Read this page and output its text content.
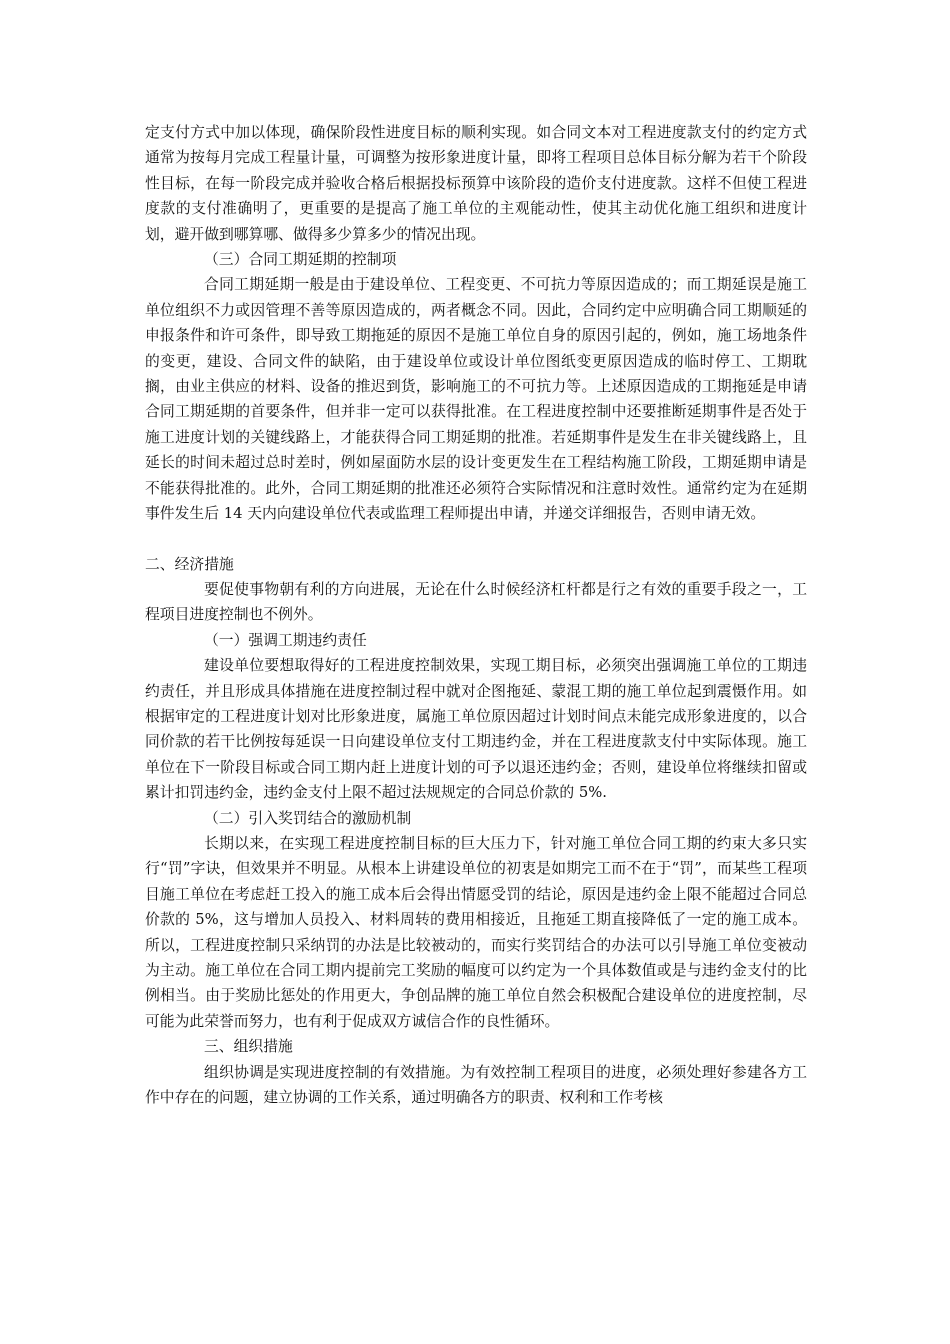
定支付方式中加以体现，确保阶段性进度目标的顺利实现。如合同文本对工程进度款支付的约定方式通常为按每月完成工程量计量，可调整为按形象进度计量，即将工程项目总体目标分解为若干个阶段性目标，在每一阶段完成并验收合格后根据投标预算中该阶段的造价支付进度款。这样不但使工程进度款的支付准确明了，更重要的是提高了施工单位的主观能动性，使其主动优化施工组织和进度计划，避开做到哪算哪、做得多少算多少的情况出现。

（三）合同工期延期的控制项

合同工期延期一般是由于建设单位、工程变更、不可抗力等原因造成的；而工期延误是施工单位组织不力或因管理不善等原因造成的，两者概念不同。因此，合同约定中应明确合同工期顺延的申报条件和许可条件，即导致工期拖延的原因不是施工单位自身的原因引起的，例如，施工场地条件的变更，建设、合同文件的缺陷，由于建设单位或设计单位图纸变更原因造成的临时停工、工期耽搁，由业主供应的材料、设备的推迟到货，影响施工的不可抗力等。上述原因造成的工期拖延是申请合同工期延期的首要条件，但并非一定可以获得批准。在工程进度控制中还要推断延期事件是否处于施工进度计划的关键线路上，才能获得合同工期延期的批准。若延期事件是发生在非关键线路上，且延长的时间未超过总时差时，例如屋面防水层的设计变更发生在工程结构施工阶段，工期延期申请是不能获得批准的。此外，合同工期延期的批准还必须符合实际情况和注意时效性。通常约定为在延期事件发生后 14 天内向建设单位代表或监理工程师提出申请，并递交详细报告，否则申请无效。

二、经济措施

要促使事物朝有利的方向进展，无论在什么时候经济杠杆都是行之有效的重要手段之一，工程项目进度控制也不例外。

（一）强调工期违约责任

建设单位要想取得好的工程进度控制效果，实现工期目标，必须突出强调施工单位的工期违约责任，并且形成具体措施在进度控制过程中就对企图拖延、蒙混工期的施工单位起到震慑作用。如根据审定的工程进度计划对比形象进度，属施工单位原因超过计划时间点未能完成形象进度的，以合同价款的若干比例按每延误一日向建设单位支付工期违约金，并在工程进度款支付中实际体现。施工单位在下一阶段目标或合同工期内赶上进度计划的可予以退还违约金；否则，建设单位将继续扣留或累计扣罚违约金，违约金支付上限不超过法规规定的合同总价款的 5%.

（二）引入奖罚结合的激励机制

长期以来，在实现工程进度控制目标的巨大压力下，针对施工单位合同工期的约束大多只实行“罚”字诀，但效果并不明显。从根本上讲建设单位的初衷是如期完工而不在于“罚”，而某些工程项目施工单位在考虑赶工投入的施工成本后会得出情愿受罚的结论，原因是违约金上限不能超过合同总价款的 5%，这与增加人员投入、材料周转的费用相接近，且拖延工期直接降低了一定的施工成本。所以，工程进度控制只采纳罚的办法是比较被动的，而实行奖罚结合的办法可以引导施工单位变被动为主动。施工单位在合同工期内提前完工奖励的幅度可以约定为一个具体数值或是与违约金支付的比例相当。由于奖励比惩处的作用更大，争创品牌的施工单位自然会积极配合建设单位的进度控制，尽可能为此荣誉而努力，也有利于促成双方诚信合作的良性循环。

三、组织措施

组织协调是实现进度控制的有效措施。为有效控制工程项目的进度，必须处理好参建各方工作中存在的问题，建立协调的工作关系，通过明确各方的职责、权利和工作考核
